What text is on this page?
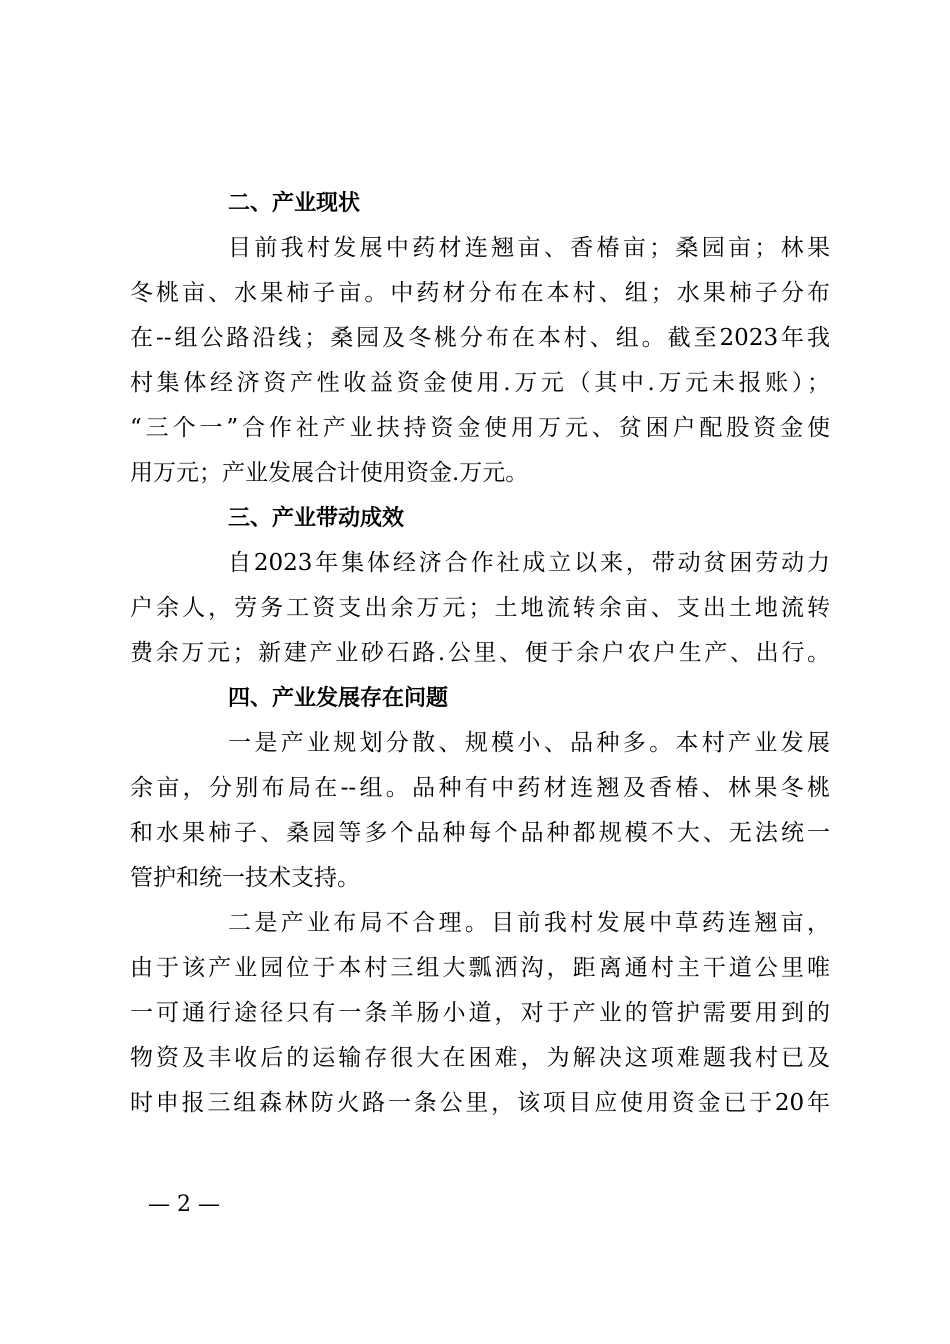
二、产业现状
目前我村发展中药材连翘亩、香椿亩；桑园亩；林果
冬桃亩、水果柿子亩。中药材分布在本村、组；水果柿子分布
在--组公路沿线；桑园及冬桃分布在本村、组。截至2023年我
村集体经济资产性收益资金使用.万元（其中.万元未报账）；
“三个一”合作社产业扶持资金使用万元、贫困户配股资金使
用万元；产业发展合计使用资金.万元。
三、产业带动成效
自2023年集体经济合作社成立以来，带动贫困劳动力
户余人，劳务工资支出余万元；土地流转余亩、支出土地流转
费余万元；新建产业砂石路.公里、便于余户农户生产、出行。
四、产业发展存在问题
一是产业规划分散、规模小、品种多。本村产业发展
余亩，分别布局在--组。品种有中药材连翘及香椿、林果冬桃
和水果柿子、桑园等多个品种每个品种都规模不大、无法统一
管护和统一技术支持。
二是产业布局不合理。目前我村发展中草药连翘亩，
由于该产业园位于本村三组大瓢洒沟，距离通村主干道公里唯
一可通行途径只有一条羊肠小道，对于产业的管护需要用到的
物资及丰收后的运输存很大在困难，为解决这项难题我村已及
时申报三组森林防火路一条公里，该项目应使用资金已于20年
— 2 —
